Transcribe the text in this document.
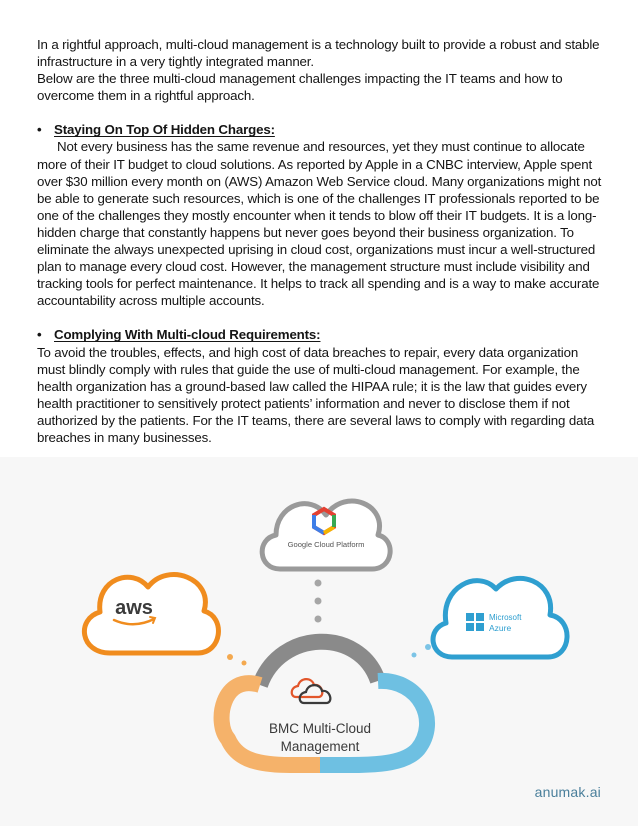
In a rightful approach, multi-cloud management is a technology built to provide a robust and stable infrastructure in a very tightly integrated manner.

Below are the three multi-cloud management challenges impacting the IT teams and how to overcome them in a rightful approach.

• Staying On Top Of Hidden Charges:

Not every business has the same revenue and resources, yet they must continue to allocate more of their IT budget to cloud solutions. As reported by Apple in a CNBC interview, Apple spent over $30 million every month on (AWS) Amazon Web Service cloud. Many organizations might not be able to generate such resources, which is one of the challenges IT professionals reported to be one of the challenges they mostly encounter when it tends to blow off their IT budgets. It is a long-hidden charge that constantly happens but never goes beyond their business organization. To eliminate the always unexpected uprising in cloud cost, organizations must incur a well-structured plan to manage every cloud cost. However, the management structure must include visibility and tracking tools for perfect maintenance. It helps to track all spending and is a way to make accurate accountability across multiple accounts.

• Complying With Multi-cloud Requirements:

To avoid the troubles, effects, and high cost of data breaches to repair, every data organization must blindly comply with rules that guide the use of multi-cloud management. For example, the health organization has a ground-based law called the HIPAA rule; it is the law that guides every health practitioner to sensitively protect patients’ information and never to disclose them if not authorized by the patients. For the IT teams, there are several laws to comply with regarding data breaches in many businesses.

Google Cloud Platform
aws	Microsoft
Azure
BMC Multi-Cloud
Management
anumak.ai
